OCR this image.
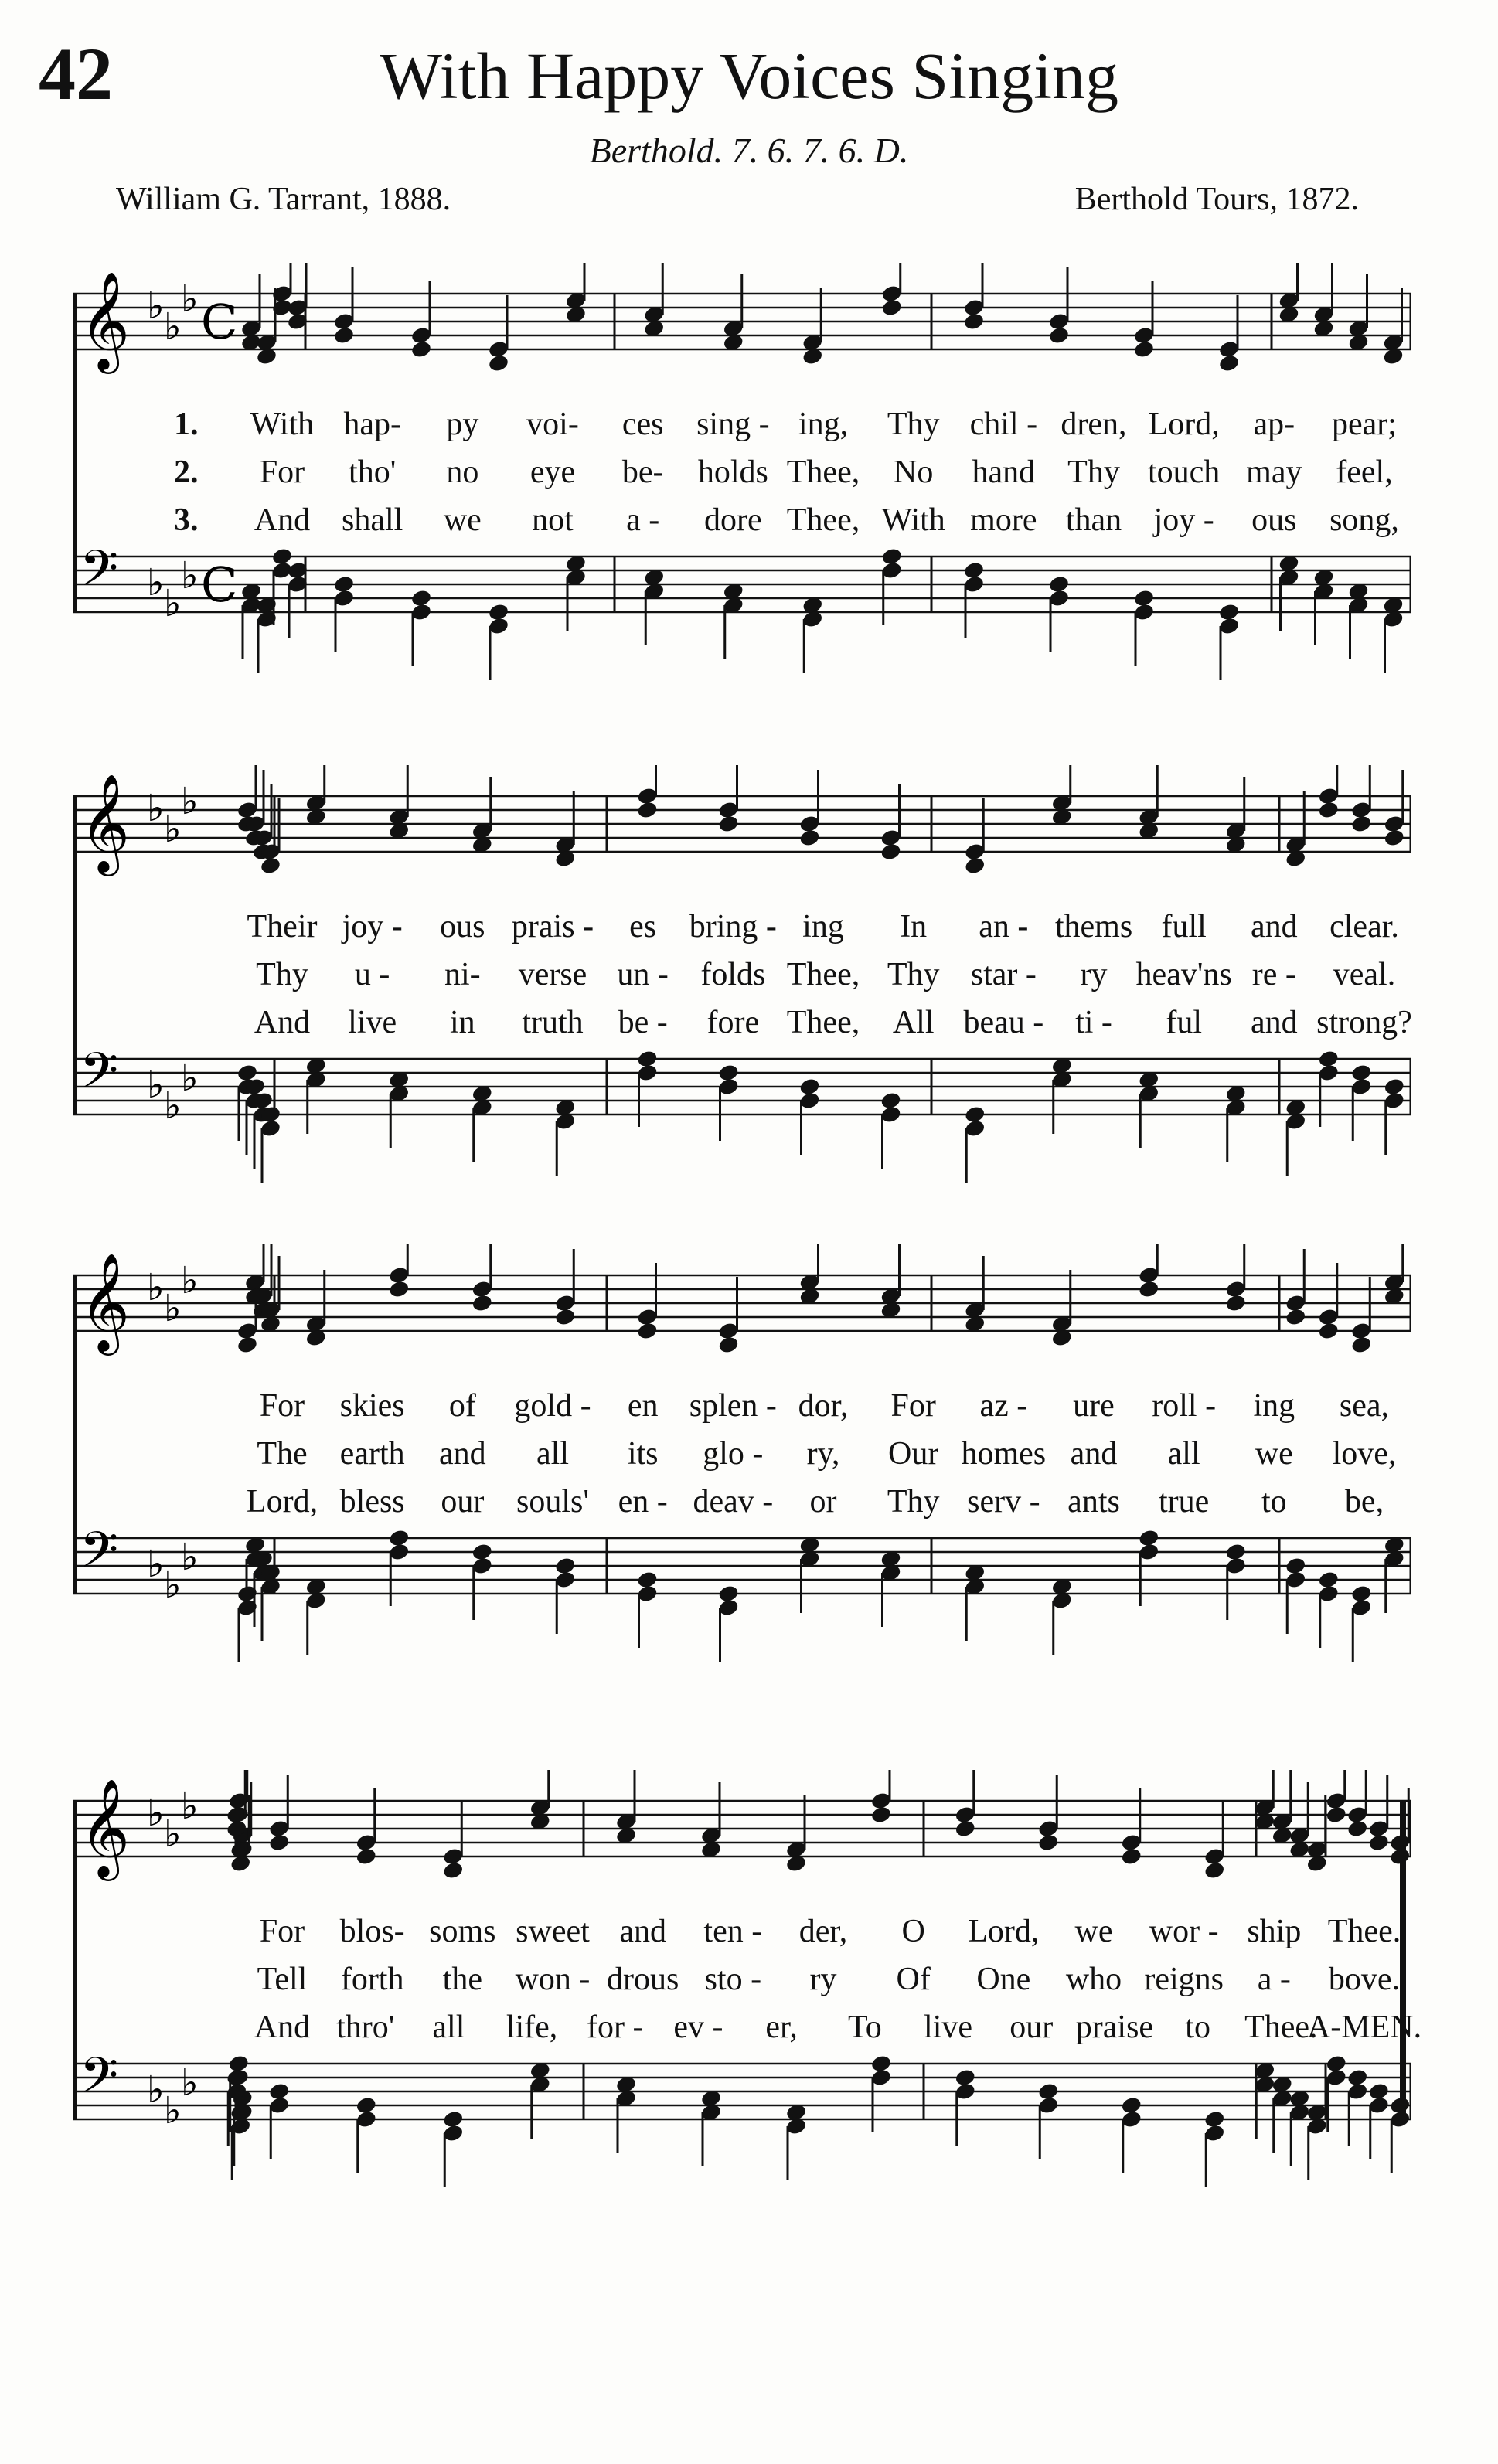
42	With Happy Voices Singing
Berthold. 7. 6. 7. 6. D.
William G. Tarrant, 1888.	Berthold Tours, 1872.
𝄞 ♭ ♭
♭ C
𝄢 ♭ ♭
♭ C
1. With hap- py voi- ces sing - ing, Thy chil - dren, Lord, ap- pear;
2. For tho' no eye be- holds Thee, No hand Thy touch may feel,
3. And shall we not a - dore Thee, With more than joy - ous song,
𝄞 ♭ ♭
♭
𝄢 ♭ ♭
♭
Their joy - ous prais - es bring - ing In an - thems full and clear.
Thy u - ni- verse un - folds Thee, Thy star - ry heav'ns re - veal.
And live in truth be - fore Thee, All beau - ti - ful and strong?
𝄞 ♭ ♭
♭
𝄢 ♭ ♭
♭
For skies of gold - en splen - dor, For az - ure roll - ing sea,
The earth and all its glo - ry, Our homes and all we love,
Lord, bless our souls' en - deav - or Thy serv - ants true to be,
𝄞 ♭ ♭
♭
𝄢 ♭ ♭
♭
For blos- soms sweet and ten - der, O Lord, we wor - ship Thee.
Tell forth the won - drous sto - ry Of One who reigns a - bove.
And thro' all life, for - ev - er, To live our praise to Thee.
A-MEN.
